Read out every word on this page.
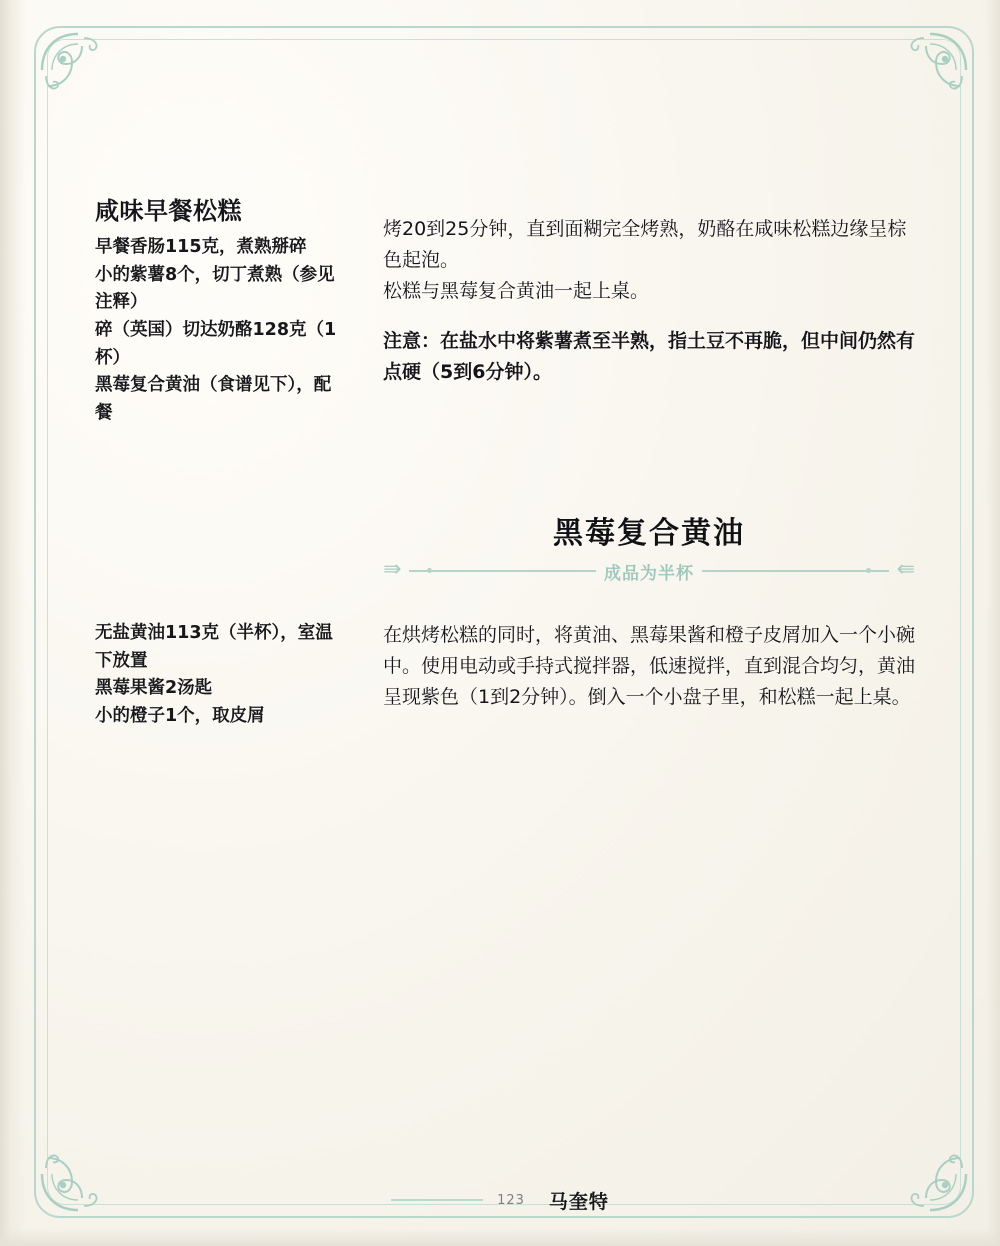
咸味早餐松糕
早餐香肠115克，煮熟掰碎
小的紫薯8个，切丁煮熟（参见注释）
碎（英国）切达奶酪128克（1杯）
黑莓复合黄油（食谱见下），配餐

烤20到25分钟，直到面糊完全烤熟，奶酪在咸味松糕边缘呈棕色起泡。

松糕与黑莓复合黄油一起上桌。

注意：在盐水中将紫薯煮至半熟，指土豆不再脆，但中间仍然有点硬（5到6分钟）。

黑莓复合黄油
⇛	成品为半杯	⇚
无盐黄油113克（半杯），室温下放置
黑莓果酱2汤匙
小的橙子1个，取皮屑

在烘烤松糕的同时，将黄油、黑莓果酱和橙子皮屑加入一个小碗中。使用电动或手持式搅拌器，低速搅拌，直到混合均匀，黄油呈现紫色（1到2分钟）。倒入一个小盘子里，和松糕一起上桌。

123 马奎特
